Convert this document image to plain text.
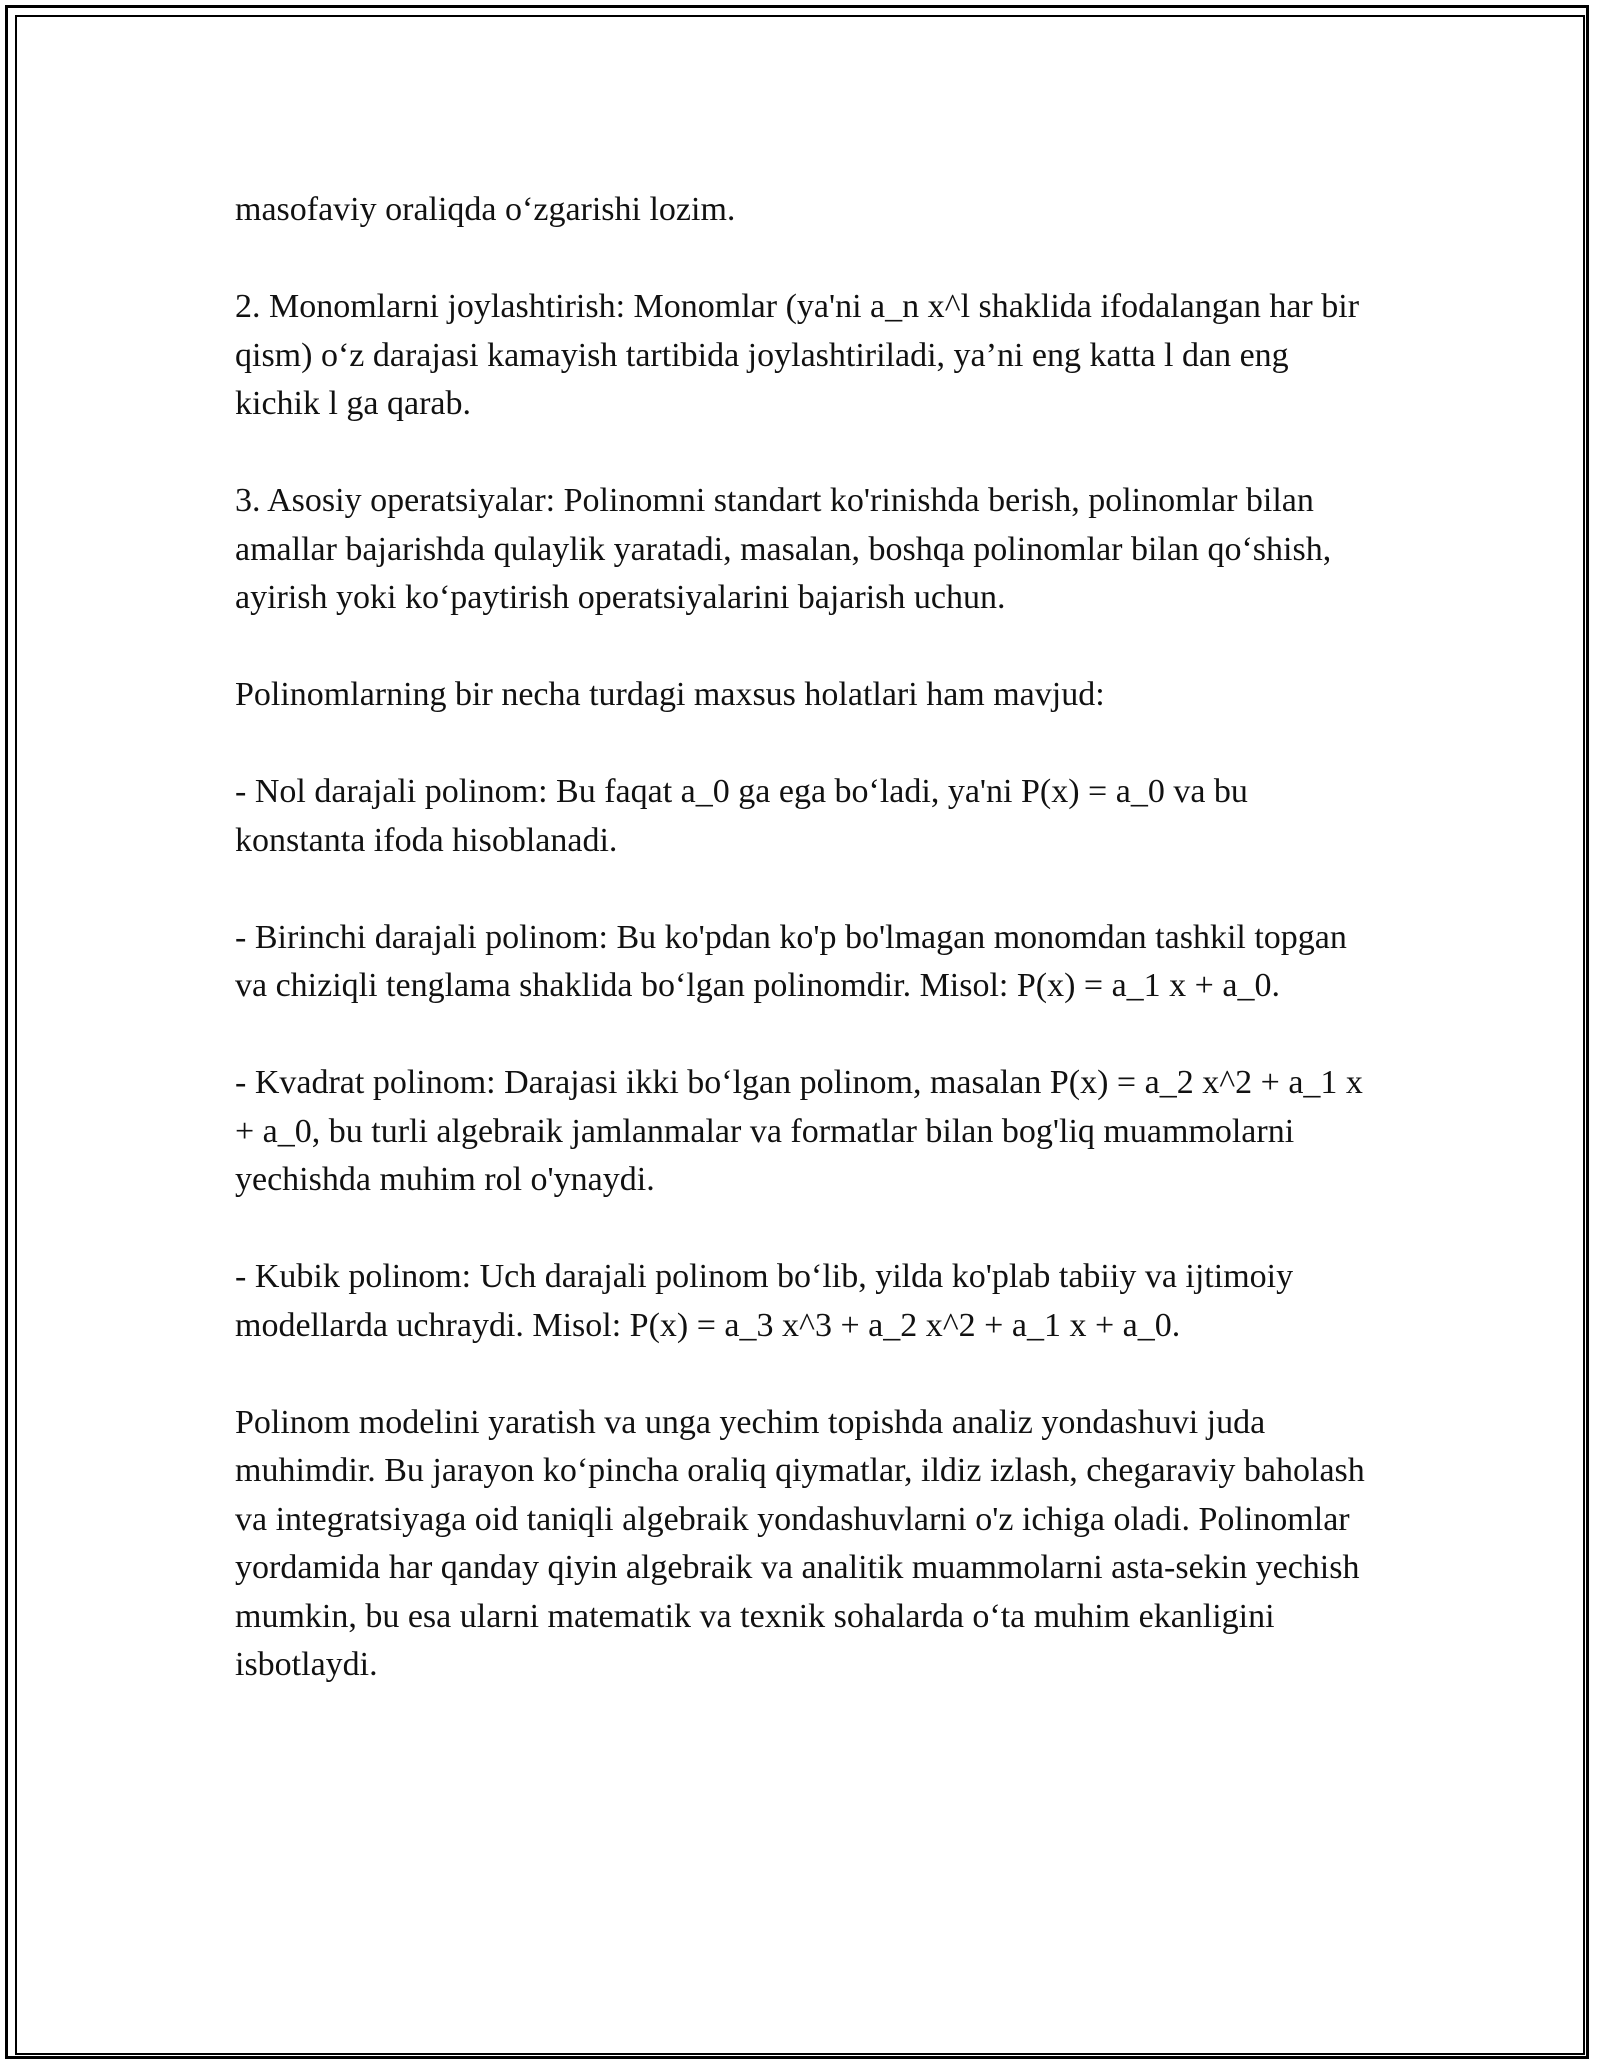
masofaviy oraliqda o‘zgarishi lozim.

2. Monomlarni joylashtirish: Monomlar (ya'ni a_n x^l shaklida ifodalangan har bir qism) o‘z darajasi kamayish tartibida joylashtiriladi, ya’ni eng katta l dan eng kichik l ga qarab.

3. Asosiy operatsiyalar: Polinomni standart ko'rinishda berish, polinomlar bilan amallar bajarishda qulaylik yaratadi, masalan, boshqa polinomlar bilan qo‘shish, ayirish yoki ko‘paytirish operatsiyalarini bajarish uchun.

Polinomlarning bir necha turdagi maxsus holatlari ham mavjud:

- Nol darajali polinom: Bu faqat a_0 ga ega bo‘ladi, ya'ni P(x) = a_0 va bu konstanta ifoda hisoblanadi.

- Birinchi darajali polinom: Bu ko'pdan ko'p bo'lmagan monomdan tashkil topgan va chiziqli tenglama shaklida bo‘lgan polinomdir. Misol: P(x) = a_1 x + a_0.

- Kvadrat polinom: Darajasi ikki bo‘lgan polinom, masalan P(x) = a_2 x^2 + a_1 x + a_0, bu turli algebraik jamlanmalar va formatlar bilan bog'liq muammolarni yechishda muhim rol o'ynaydi.

- Kubik polinom: Uch darajali polinom bo‘lib, yilda ko'plab tabiiy va ijtimoiy modellarda uchraydi. Misol: P(x) = a_3 x^3 + a_2 x^2 + a_1 x + a_0.

Polinom modelini yaratish va unga yechim topishda analiz yondashuvi juda muhimdir. Bu jarayon ko‘pincha oraliq qiymatlar, ildiz izlash, chegaraviy baholash va integratsiyaga oid taniqli algebraik yondashuvlarni o'z ichiga oladi. Polinomlar yordamida har qanday qiyin algebraik va analitik muammolarni asta-sekin yechish mumkin, bu esa ularni matematik va texnik sohalarda o‘ta muhim ekanligini isbotlaydi.
